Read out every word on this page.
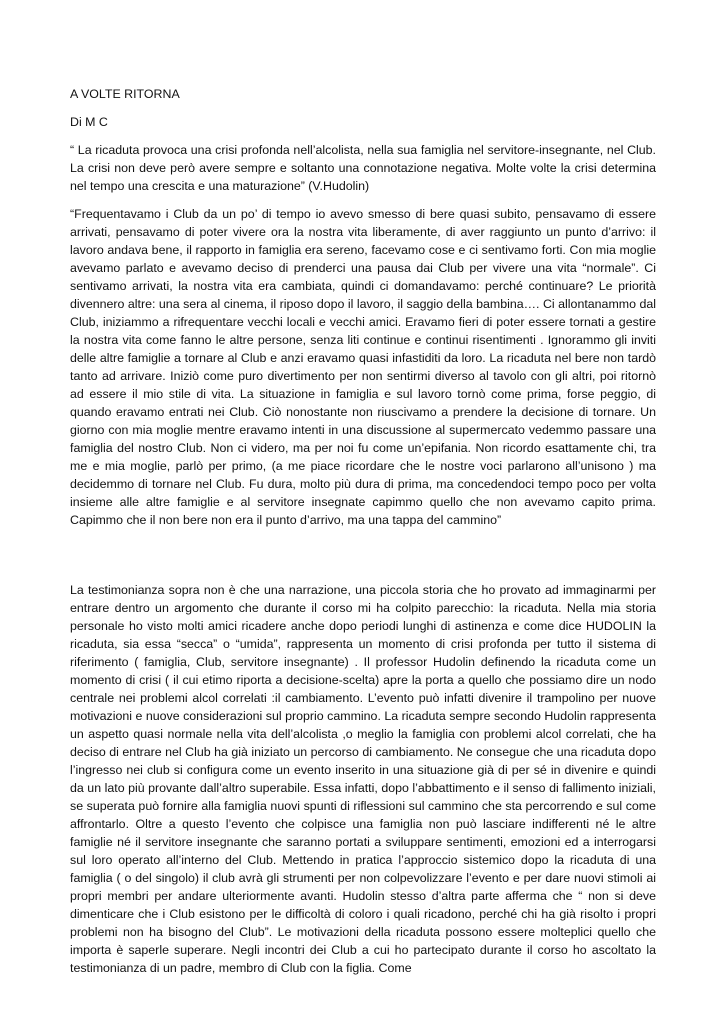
A VOLTE RITORNA

Di M C

“ La ricaduta provoca una crisi profonda nell’alcolista, nella sua famiglia nel servitore-insegnante, nel Club. La crisi non deve però avere sempre e soltanto una connotazione negativa. Molte volte la crisi determina nel tempo una crescita e una maturazione” (V.Hudolin)

“Frequentavamo i Club da un po’ di tempo io avevo smesso di bere quasi subito, pensavamo di essere arrivati, pensavamo di poter vivere ora la nostra vita liberamente, di aver raggiunto un punto d’arrivo: il lavoro andava bene, il rapporto in famiglia era sereno, facevamo cose e ci sentivamo forti. Con mia moglie avevamo parlato e avevamo deciso di prenderci una pausa dai Club per vivere una vita “normale”. Ci sentivamo arrivati, la nostra vita era cambiata, quindi ci domandavamo: perché continuare? Le priorità divennero altre: una sera al cinema, il riposo dopo il lavoro, il saggio della bambina…. Ci allontanammo dal Club, iniziammo a rifrequentare vecchi locali e vecchi amici. Eravamo fieri di poter essere tornati a gestire la nostra vita come fanno le altre persone, senza liti continue e continui risentimenti . Ignorammo gli inviti delle altre famiglie a tornare al Club e anzi eravamo quasi infastiditi da loro. La ricaduta nel bere non tardò tanto ad arrivare. Iniziò come puro divertimento per non sentirmi diverso al tavolo con gli altri, poi ritornò ad essere il mio stile di vita. La situazione in famiglia e sul lavoro tornò come prima, forse peggio, di quando eravamo entrati nei Club. Ciò nonostante non riuscivamo a prendere la decisione di tornare. Un giorno con mia moglie mentre eravamo intenti in una discussione al supermercato vedemmo passare una famiglia del nostro Club. Non ci videro, ma per noi fu come un’epifania. Non ricordo esattamente chi, tra me e mia moglie, parlò per primo, (a me piace ricordare che le nostre voci parlarono all’unisono ) ma decidemmo di tornare nel Club. Fu dura, molto più dura di prima, ma concedendoci tempo poco per volta insieme alle altre famiglie e al servitore insegnate capimmo quello che non avevamo capito prima. Capimmo che il non bere non era il punto d’arrivo, ma una tappa del cammino”

La testimonianza sopra non è che una narrazione, una piccola storia che ho provato ad immaginarmi per entrare dentro un argomento che durante il corso mi ha colpito parecchio: la ricaduta. Nella mia storia personale ho visto molti amici ricadere anche dopo periodi lunghi di astinenza e come dice HUDOLIN la ricaduta, sia essa “secca” o “umida”, rappresenta un momento di crisi profonda per tutto il sistema di riferimento ( famiglia, Club, servitore insegnante) . Il professor Hudolin definendo la ricaduta come un momento di crisi ( il cui etimo riporta a decisione-scelta) apre la porta a quello che possiamo dire un nodo centrale nei problemi alcol correlati :il cambiamento. L’evento può infatti divenire il trampolino per nuove motivazioni e nuove considerazioni sul proprio cammino. La ricaduta sempre secondo Hudolin rappresenta un aspetto quasi normale nella vita dell’alcolista ,o meglio la famiglia con problemi alcol correlati, che ha deciso di entrare nel Club ha già iniziato un percorso di cambiamento. Ne consegue che una ricaduta dopo l’ingresso nei club si configura come un evento inserito in una situazione già di per sé in divenire e quindi da un lato più provante dall’altro superabile. Essa infatti, dopo l’abbattimento e il senso di fallimento iniziali, se superata può fornire alla famiglia nuovi spunti di riflessioni sul cammino che sta percorrendo e sul come affrontarlo. Oltre a questo l’evento che colpisce una famiglia non può lasciare indifferenti né le altre famiglie né il servitore insegnante che saranno portati a sviluppare sentimenti, emozioni ed a interrogarsi sul loro operato all’interno del Club. Mettendo in pratica l’approccio sistemico dopo la ricaduta di una famiglia ( o del singolo) il club avrà gli strumenti per non colpevolizzare l’evento e per dare nuovi stimoli ai propri membri per andare ulteriormente avanti. Hudolin stesso d’altra parte afferma che “ non si deve dimenticare che i Club esistono per le difficoltà di coloro i quali ricadono, perché chi ha già risolto i propri problemi non ha bisogno del Club”. Le motivazioni della ricaduta possono essere molteplici quello che importa è saperle superare. Negli incontri dei Club a cui ho partecipato durante il corso ho ascoltato la testimonianza di un padre, membro di Club con la figlia. Come
